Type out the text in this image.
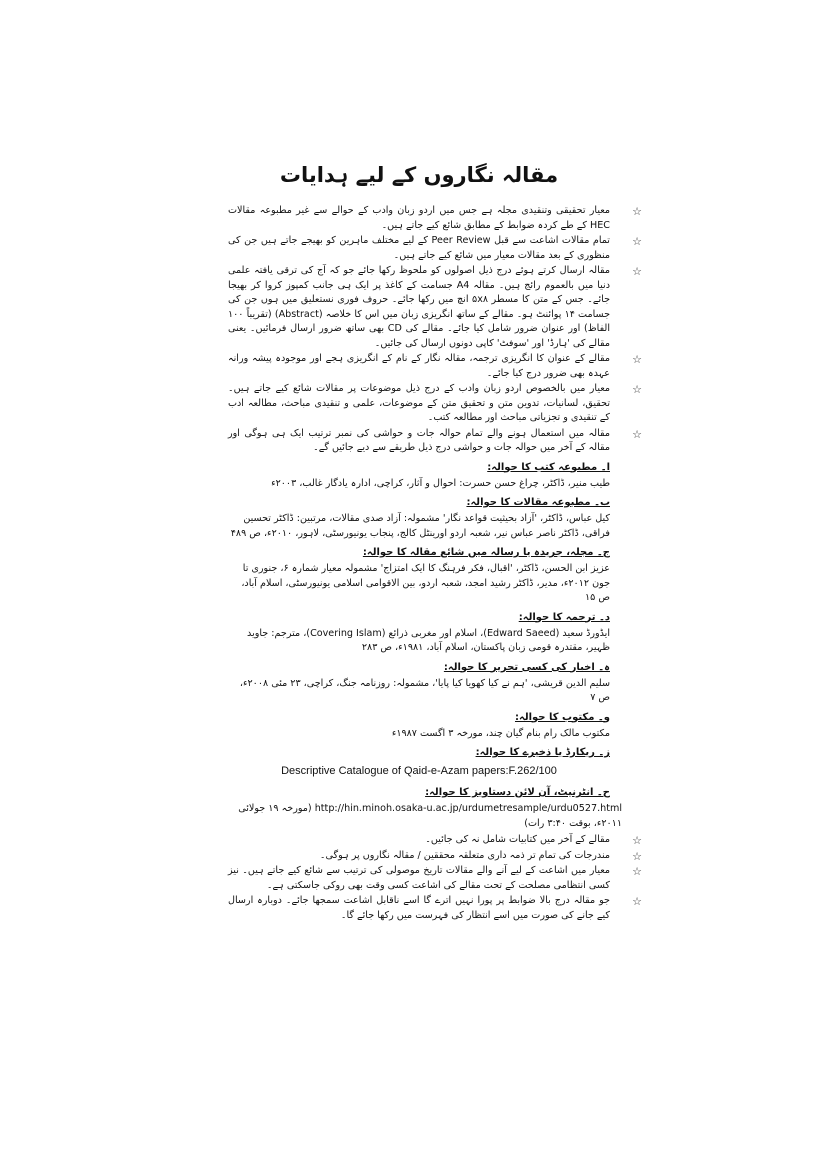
مقالہ نگاروں کے لیے ہدایات
☆
معیار تحقیقی وتنقیدی مجلہ ہے جس میں اردو زبان وادب کے حوالے سے غیر مطبوعہ مقالات HEC کے طے کردہ ضوابط کے مطابق شائع کیے جاتے ہیں۔
☆
تمام مقالات اشاعت سے قبل Peer Review کے لیے مختلف ماہرین کو بھیجے جاتے ہیں جن کی منظوری کے بعد مقالات معیار میں شائع کیے جاتے ہیں۔
☆
مقالہ ارسال کرتے ہوئے درج ذیل اصولوں کو ملحوظ رکھا جائے جو کہ آج کی ترقی یافتہ علمی دنیا میں بالعموم رائج ہیں۔ مقالہ A4 جسامت کے کاغذ پر ایک ہی جانب کمپوز کروا کر بھیجا جائے۔ جس کے متن کا مسطر ۵x۸ انچ میں رکھا جائے۔ حروف فوری نستعلیق میں ہوں جن کی جسامت ۱۴ پوائنٹ ہو۔ مقالے کے ساتھ انگریزی زبان میں اس کا خلاصہ (Abstract) (تقریباً ۱۰۰ الفاظ) اور عنوان ضرور شامل کیا جائے۔ مقالے کی CD بھی ساتھ ضرور ارسال فرمائیں۔ یعنی مقالے کی 'ہارڈ' اور 'سوفٹ' کاپی دونوں ارسال کی جائیں۔
☆
مقالے کے عنوان کا انگریزی ترجمہ، مقالہ نگار کے نام کے انگریزی ہجے اور موجودہ پیشہ ورانہ عہدہ بھی ضرور درج کیا جائے۔
☆
معیار میں بالخصوص اردو زبان وادب کے درج ذیل موضوعات پر مقالات شائع کیے جاتے ہیں۔ تحقیق، لسانیات، تدوین متن و تحقیق متن کے موضوعات، علمی و تنقیدی مباحث، مطالعہ ادب کے تنقیدی و تجزیاتی مباحث اور مطالعہ کتب۔
☆
مقالہ میں استعمال ہونے والے تمام حوالہ جات و حواشی کی نمبر ترتیب ایک ہی ہوگی اور مقالہ کے آخر میں حوالہ جات و حواشی درج ذیل طریقے سے دیے جائیں گے۔
ا۔ مطبوعہ کتب کا حوالہ:
طیب منیر، ڈاکٹر، چراغ حسن حسرت: احوال و آثار، کراچی، ادارہ یادگار غالب، ۲۰۰۳ء
ب۔ مطبوعہ مقالات کا حوالہ:
کیل عباس، ڈاکٹر، 'آزاد بحیثیت قواعد نگار' مشمولہ: آزاد صدی مقالات، مرتبین: ڈاکٹر تحسین فراقی، ڈاکٹر ناصر عباس نیر، شعبہ اردو اورینٹل کالج، پنجاب یونیورسٹی، لاہور، ۲۰۱۰ء، ص ۴۸۹
ج۔ مجلہ، جریدہ یا رسالہ میں شائع مقالہ کا حوالہ:
عزیز ابن الحسن، ڈاکٹر، 'اقبال، فکر فرہنگ کا ایک امتزاج' مشمولہ معیار شمارہ ۶، جنوری تا جون ۲۰۱۲ء، مدیر، ڈاکٹر رشید امجد، شعبہ اردو، بین الاقوامی اسلامی یونیورسٹی، اسلام آباد، ص ۱۵
د۔ ترجمہ کا حوالہ:
ایڈورڈ سعید (Edward Saeed)، اسلام اور مغربی ذرائع (Covering Islam)، مترجم: جاوید ظہیر، مقتدرہ قومی زبان پاکستان، اسلام آباد، ۱۹۸۱ء، ص ۲۸۳
ہ۔ اخبار کی کسی تحریر کا حوالہ:
سلیم الدین قریشی، 'ہم نے کیا کھویا کیا پایا'، مشمولہ: روزنامہ جنگ، کراچی، ۲۳ مئی ۲۰۰۸ء، ص ۷
و۔ مکتوب کا حوالہ:
مکتوب مالک رام بنام گیان چند، مورخہ ۳ اگست ۱۹۸۷ء
ز۔ ریکارڈ یا ذخیرے کا حوالہ:
Descriptive Catalogue of Qaid-e-Azam papers:F.262/100
ح۔ انٹرنیٹ، آن لائن دستاویز کا حوالہ:
http://hin.minoh.osaka-u.ac.jp/urdumetresample/urdu0527.html (مورخہ ۱۹ جولائی ۲۰۱۱ء، بوقت ۳:۴۰ رات)
☆
مقالے کے آخر میں کتابیات شامل نہ کی جائیں۔
☆
مندرجات کی تمام تر ذمہ داری متعلقہ محققین / مقالہ نگاروں پر ہوگی۔
☆
معیار میں اشاعت کے لیے آنے والے مقالات تاریخ موصولی کی ترتیب سے شائع کیے جاتے ہیں۔ نیز کسی انتظامی مصلحت کے تحت مقالے کی اشاعت کسی وقت بھی روکی جاسکتی ہے۔
☆
جو مقالہ درج بالا ضوابط پر پورا نہیں اترے گا اسے ناقابل اشاعت سمجھا جائے۔ دوبارہ ارسال کیے جانے کی صورت میں اسے انتظار کی فہرست میں رکھا جائے گا۔
